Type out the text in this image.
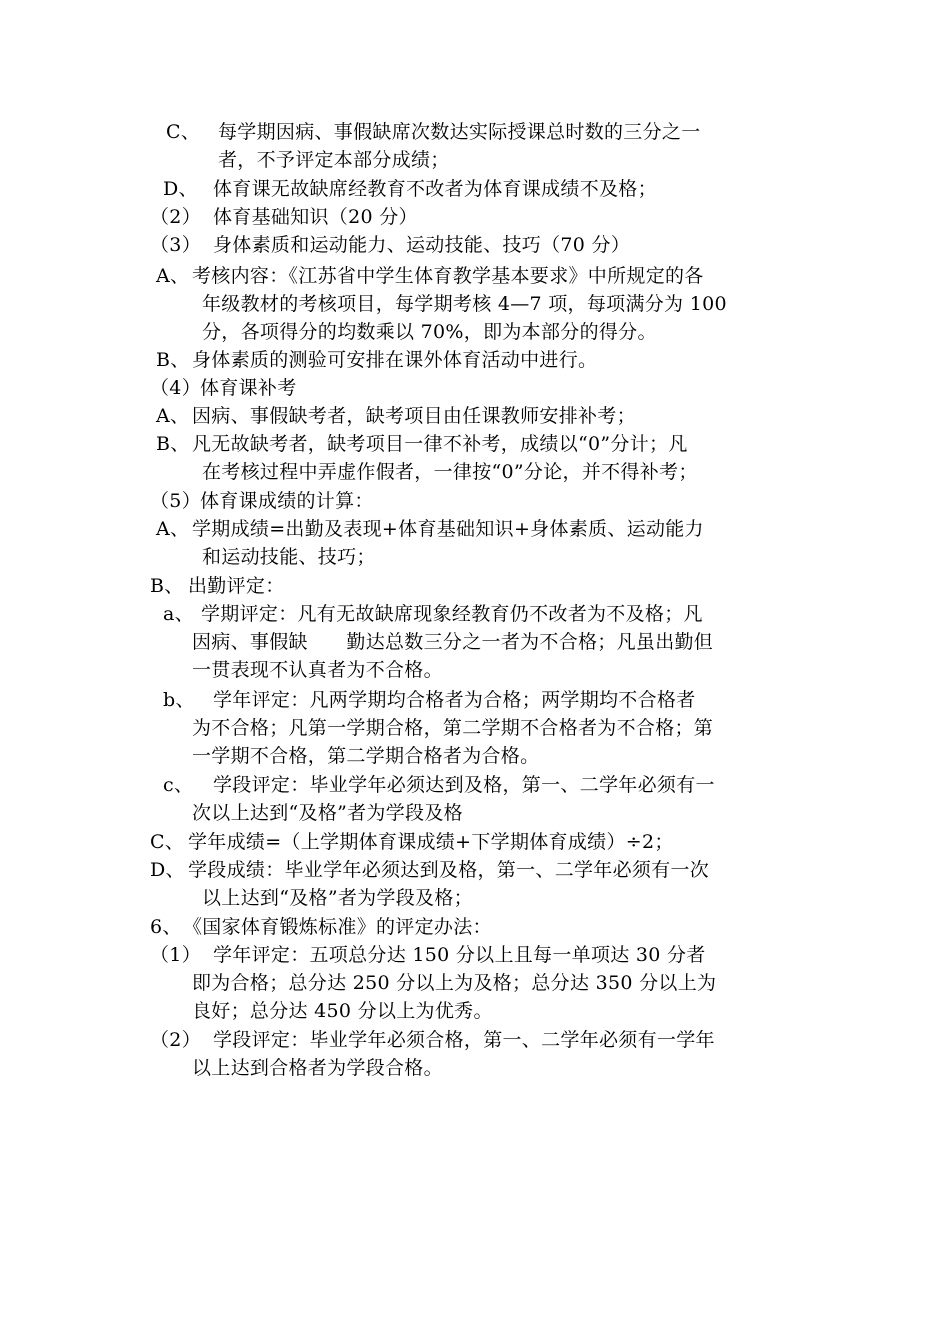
C、 每学期因病、事假缺席次数达实际授课总时数的三分之一
者，不予评定本部分成绩；
D、 体育课无故缺席经教育不改者为体育课成绩不及格；
（2） 体育基础知识（20 分）
（3） 身体素质和运动能力、运动技能、技巧（70 分）
A、 考核内容：《江苏省中学生体育教学基本要求》中所规定的各
年级教材的考核项目，每学期考核 4—7 项，每项满分为 100
分，各项得分的均数乘以 70%，即为本部分的得分。
B、 身体素质的测验可安排在课外体育活动中进行。
（4）体育课补考
A、 因病、事假缺考者，缺考项目由任课教师安排补考；
B、 凡无故缺考者，缺考项目一律不补考，成绩以“0”分计；凡
在考核过程中弄虚作假者，一律按“0”分论，并不得补考；
（5）体育课成绩的计算：
A、 学期成绩=出勤及表现+体育基础知识+身体素质、运动能力
和运动技能、技巧；
B、 出勤评定：
a、 学期评定：凡有无故缺席现象经教育仍不改者为不及格；凡
因病、事假缺　　勤达总数三分之一者为不合格；凡虽出勤但
一贯表现不认真者为不合格。
b、 学年评定：凡两学期均合格者为合格；两学期均不合格者
为不合格；凡第一学期合格，第二学期不合格者为不合格；第
一学期不合格，第二学期合格者为合格。
c、 学段评定：毕业学年必须达到及格，第一、二学年必须有一
次以上达到“及格”者为学段及格
C、 学年成绩=（上学期体育课成绩+下学期体育成绩）÷2；
D、 学段成绩：毕业学年必须达到及格，第一、二学年必须有一次
以上达到“及格”者为学段及格；
6、《国家体育锻炼标准》的评定办法：
（1） 学年评定：五项总分达 150 分以上且每一单项达 30 分者
即为合格；总分达 250 分以上为及格；总分达 350 分以上为
良好；总分达 450 分以上为优秀。
（2） 学段评定：毕业学年必须合格，第一、二学年必须有一学年
以上达到合格者为学段合格。
